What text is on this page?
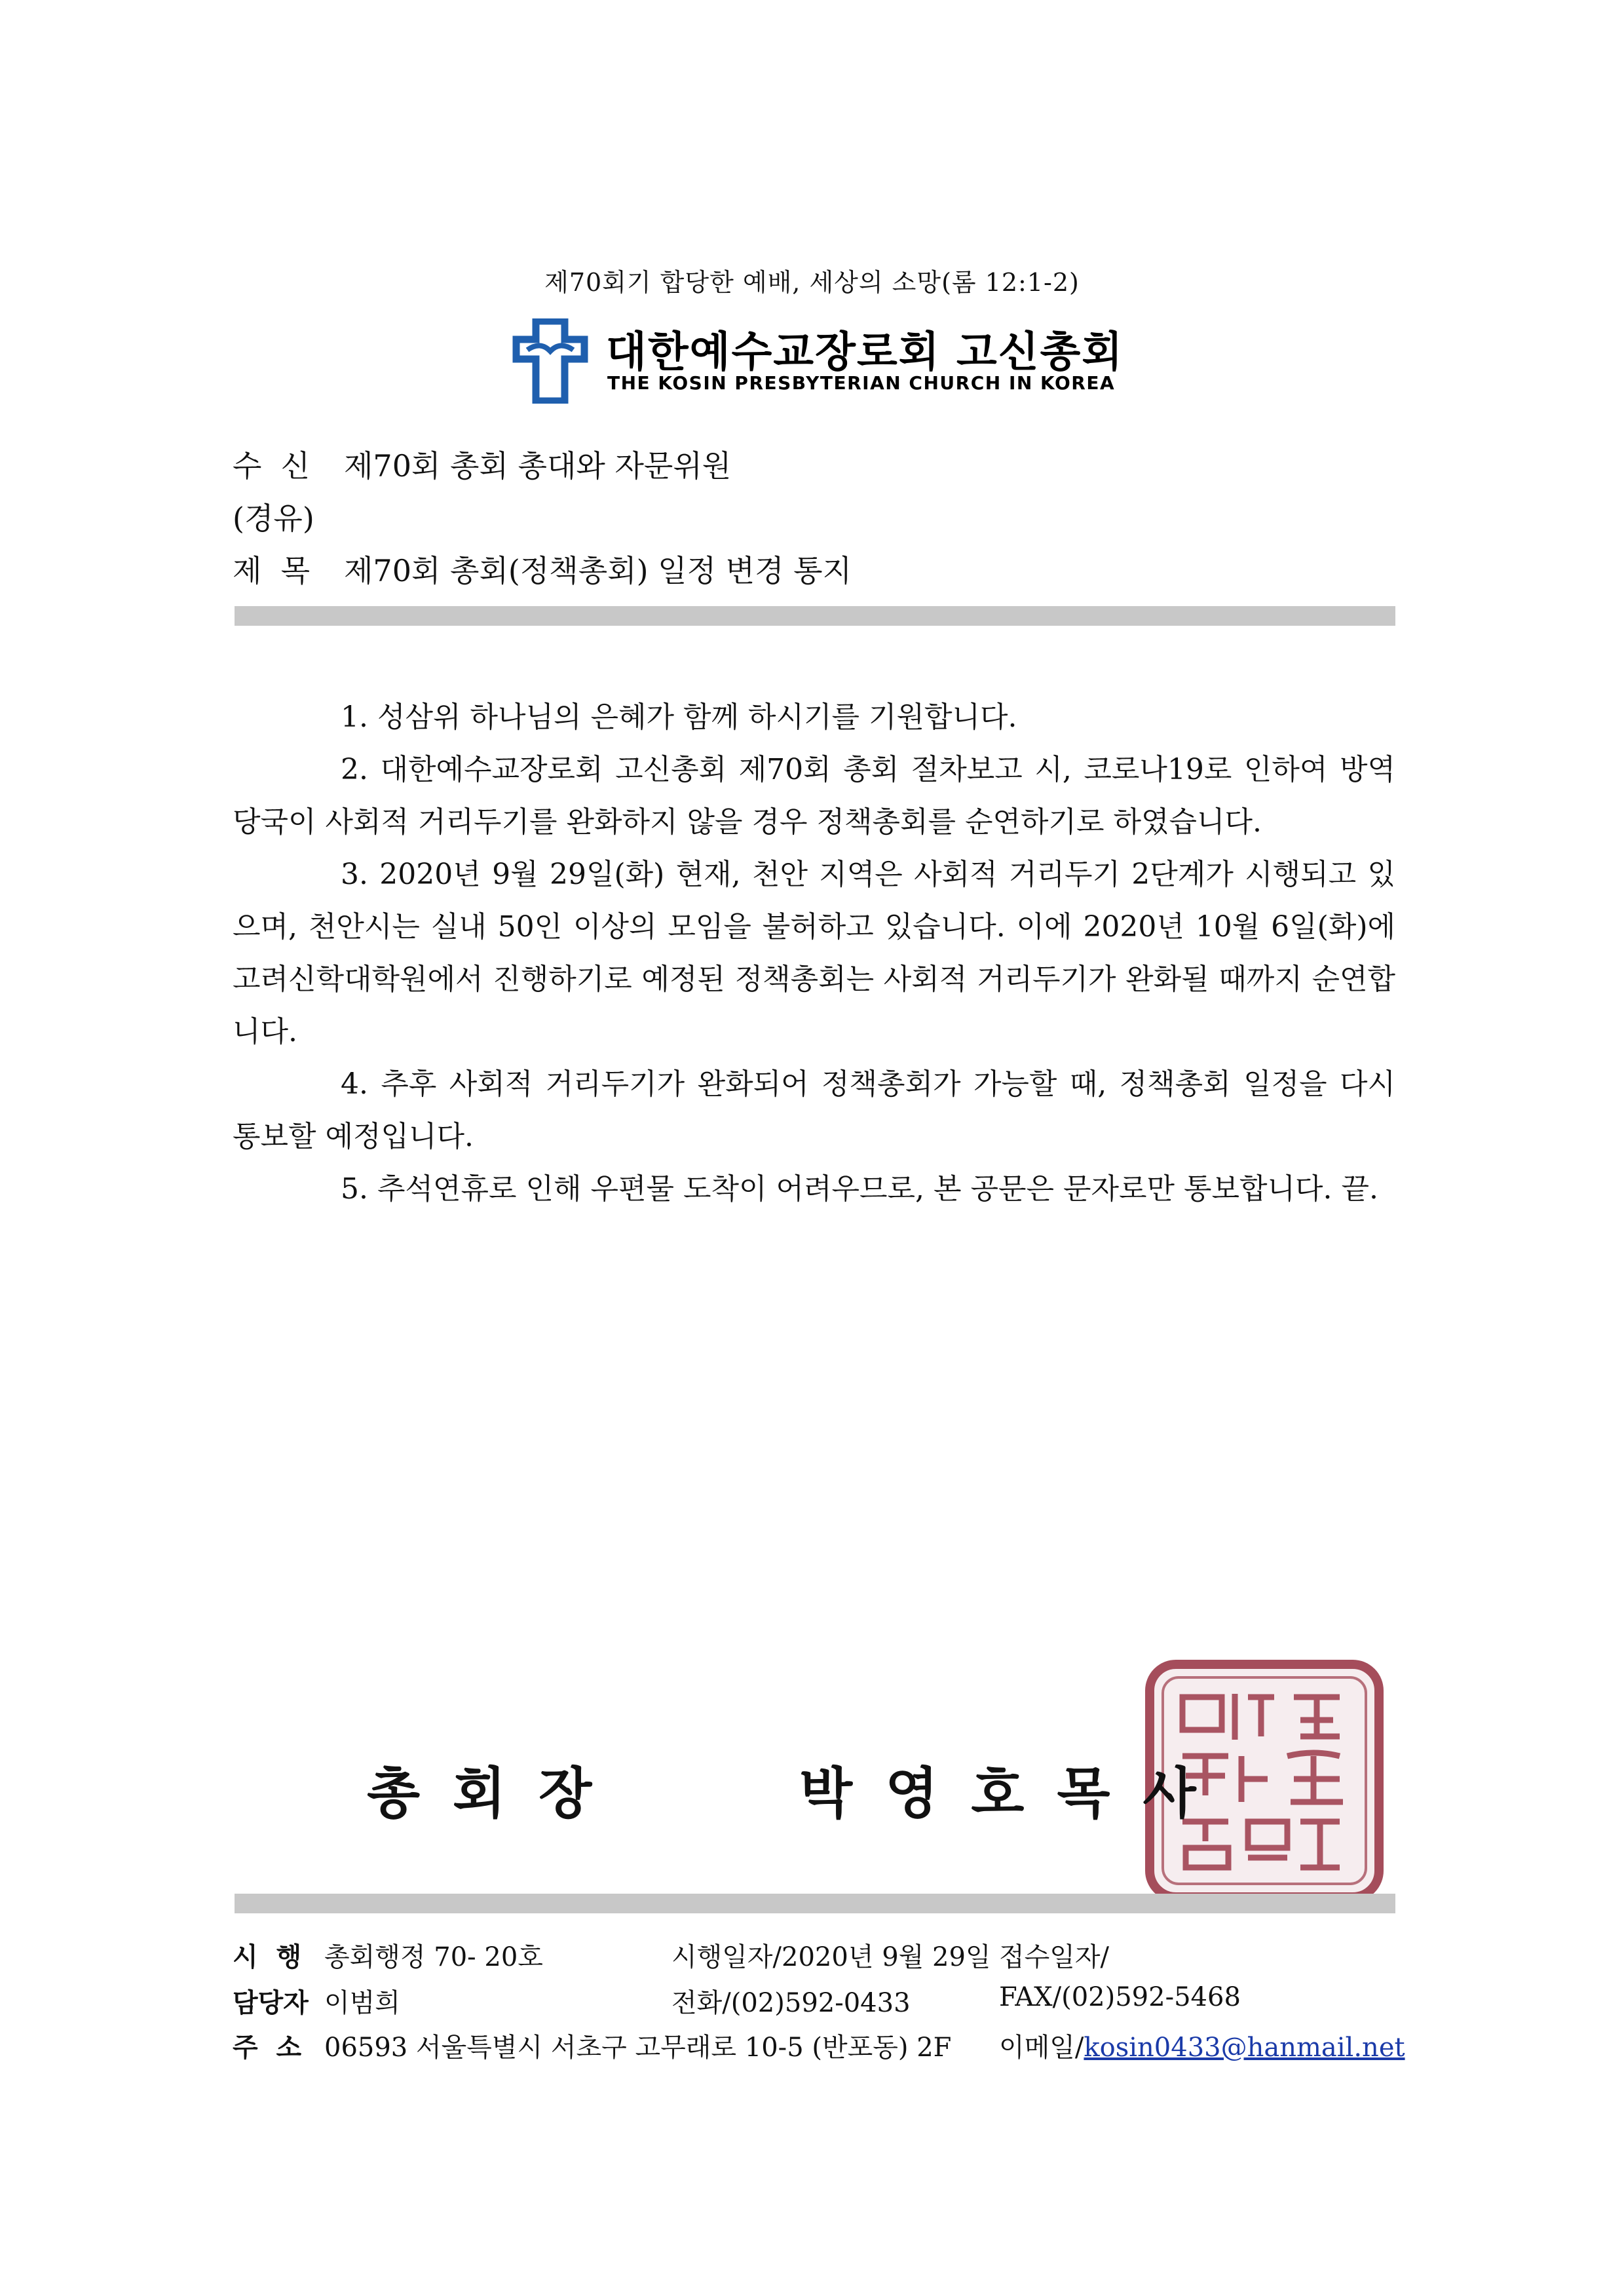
제70회기 합당한 예배, 세상의 소망(롬 12:1-2)
대한예수교장로회 고신총회
THE KOSIN PRESBYTERIAN CHURCH IN KOREA
수  신 제70회 총회 총대와 자문위원
(경유)
제  목 제70회 총회(정책총회) 일정 변경 통지

1. 성삼위 하나님의 은혜가 함께 하시기를 기원합니다.

2. 대한예수교장로회 고신총회 제70회 총회 절차보고 시, 코로나19로 인하여 방역당국이 사회적 거리두기를 완화하지 않을 경우 정책총회를 순연하기로 하였습니다.

3. 2020년 9월 29일(화) 현재, 천안 지역은 사회적 거리두기 2단계가 시행되고 있으며, 천안시는 실내 50인 이상의 모임을 불허하고 있습니다. 이에 2020년 10월 6일(화)에 고려신학대학원에서 진행하기로 예정된 정책총회는 사회적 거리두기가 완화될 때까지 순연합니다.

4. 추후 사회적 거리두기가 완화되어 정책총회가 가능할 때, 정책총회 일정을 다시 통보할 예정입니다.

5. 추석연휴로 인해 우편물 도착이 어려우므로, 본 공문은 문자로만 통보합니다. 끝.

총회장	박영호목사
시  행 총회행정 70- 20호	시행일자/2020년 9월 29일 접수일자/
담당자 이범희	전화/(02)592-0433	FAX/(02)592-5468
주  소 06593 서울특별시 서초구 고무래로 10-5 (반포동) 2F 이메일/kosin0433@hanmail.net
